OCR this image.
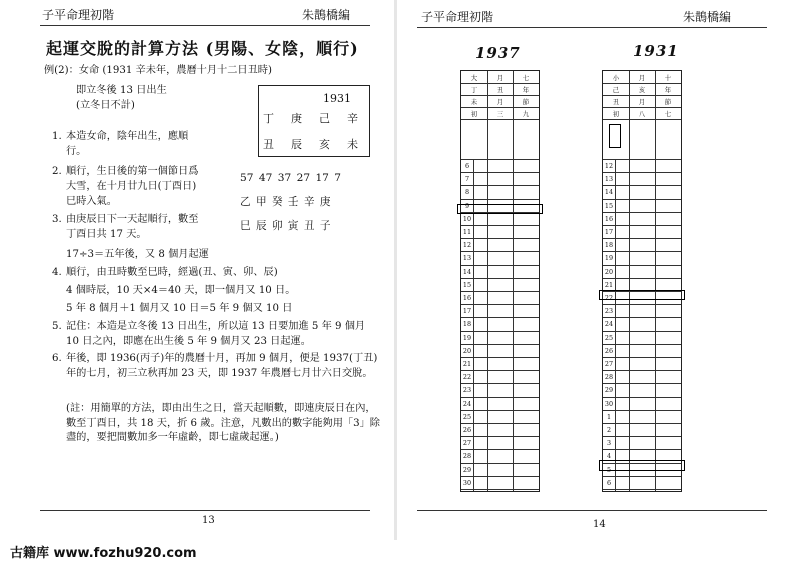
子平命理初階	朱鵲橋編
起運交脫的計算方法 (男陽、女陰，順行)
例(2)：女命 (1931 辛未年，農曆十月十二日丑時)
即立冬後 13 日出生
(立冬日不計)
1931
丁 庚 己 辛
丑 辰 亥 未
1. 本造女命，陰年出生，應順
行。
2. 順行，生日後的第一個節日爲
大雪，在十月廿九日(丁酉日)
巳時入氣。
3. 由庚辰日下一天起順行，數至
丁酉日共 17 天。
57 47 37 27 17 7
乙 甲 癸 壬 辛 庚
巳 辰 卯 寅 丑 子
17÷3＝五年後，又 8 個月起運
4. 順行，由丑時數至巳時，經過(丑、寅、卯、辰)
4 個時辰，10 天×4＝40 天，即一個月又 10 日。
5 年 8 個月＋1 個月又 10 日＝5 年 9 個又 10 日
5. 記住：本造是立冬後 13 日出生，所以這 13 日要加進 5 年 9 個月 10 日之內，即應在出生後 5 年 9 個月又 23 日起運。
6. 年後，即 1936(丙子)年的農曆十月，再加 9 個月，便是 1937(丁丑)年的七月，初三立秋再加 23 天，即 1937 年農曆七月廿六日交脫。
(註：用簡單的方法，即由出生之日，當天起順數，即連庚辰日在內，數至丁酉日，共 18 天，折 6 歲。注意，凡數出的數字能夠用「3」除盡的，要把間數加多一年虛齡，即七虛歲起運。)
13
子平命理初階	朱鵲橋編
1937	1931
大	月	七
丁	丑	年
未	月	節
初	三	九
6
7
8
9
10
11
12
13
14
15
16
17
18
19
20
21
22
23
24
25
26
27
28
29
30
小	月	十
己	亥	年
丑	月	節
初	八	七
12
13
14
15
16
17
18
19
20
21
22
23
24
25
26
27
28
29
30
1
2
3
4
5
6
14
古籍库 www.fozhu920.com
